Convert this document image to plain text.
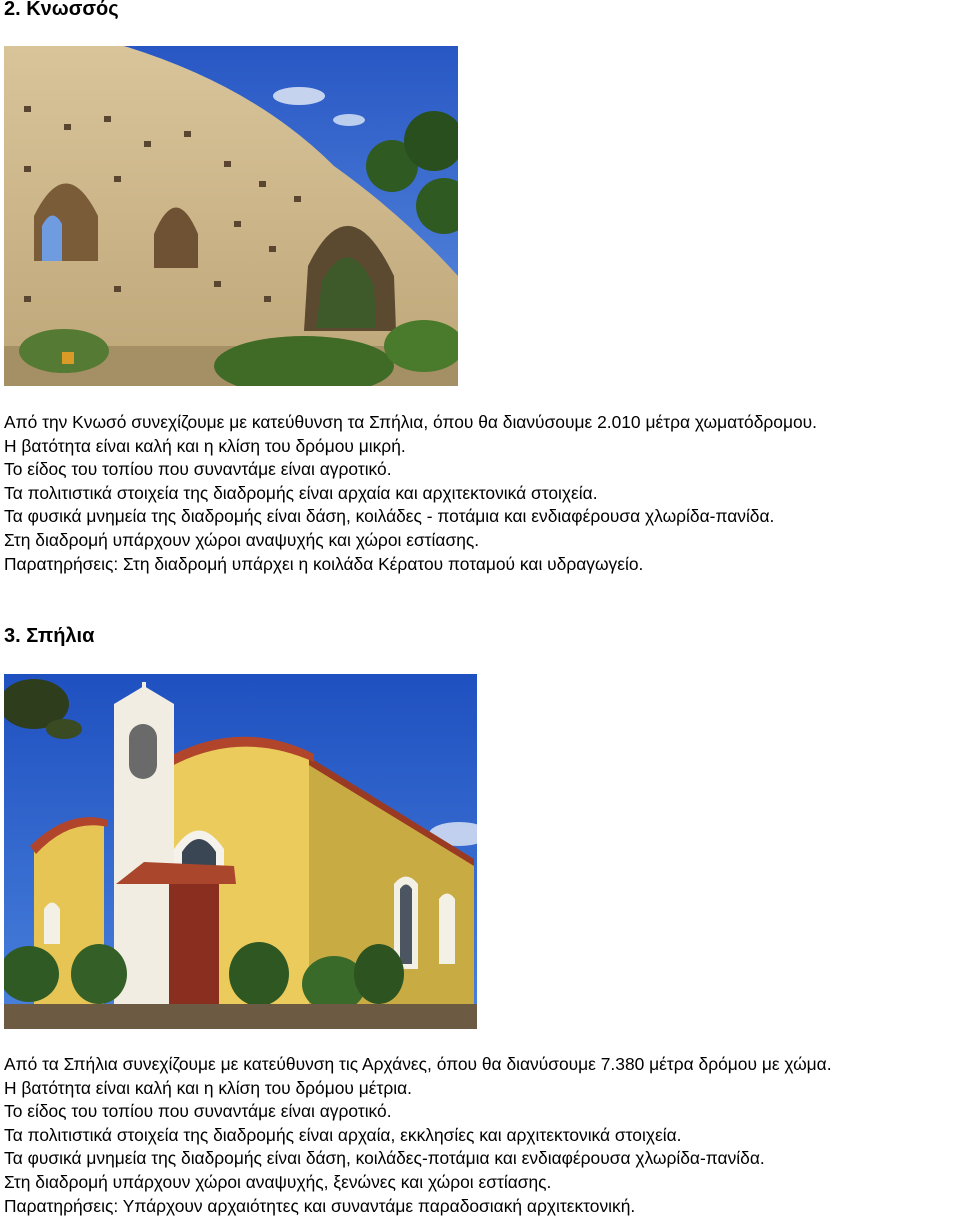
2. Κνωσσός
Από την Κνωσό συνεχίζουμε με κατεύθυνση τα Σπήλια, όπου θα διανύσουμε 2.010 μέτρα χωματόδρομου.
Η βατότητα είναι καλή και η κλίση του δρόμου μικρή.
Το είδος του τοπίου που συναντάμε είναι αγροτικό.
Τα πολιτιστικά στοιχεία της διαδρομής είναι αρχαία και αρχιτεκτονικά στοιχεία.
Τα φυσικά μνημεία της διαδρομής είναι δάση, κοιλάδες - ποτάμια και ενδιαφέρουσα χλωρίδα-πανίδα.
Στη διαδρομή υπάρχουν χώροι αναψυχής και χώροι εστίασης.
Παρατηρήσεις: Στη διαδρομή υπάρχει η κοιλάδα Κέρατου ποταμού και υδραγωγείο.
3. Σπήλια
Από τα Σπήλια συνεχίζουμε με κατεύθυνση τις Αρχάνες, όπου θα διανύσουμε 7.380 μέτρα δρόμου με χώμα.
Η βατότητα είναι καλή και η κλίση του δρόμου μέτρια.
Το είδος του τοπίου που συναντάμε είναι αγροτικό.
Τα πολιτιστικά στοιχεία της διαδρομής είναι αρχαία, εκκλησίες και αρχιτεκτονικά στοιχεία.
Τα φυσικά μνημεία της διαδρομής είναι δάση, κοιλάδες-ποτάμια και ενδιαφέρουσα χλωρίδα-πανίδα.
Στη διαδρομή υπάρχουν χώροι αναψυχής, ξενώνες και χώροι εστίασης.
Παρατηρήσεις: Υπάρχουν αρχαιότητες και συναντάμε παραδοσιακή αρχιτεκτονική.
